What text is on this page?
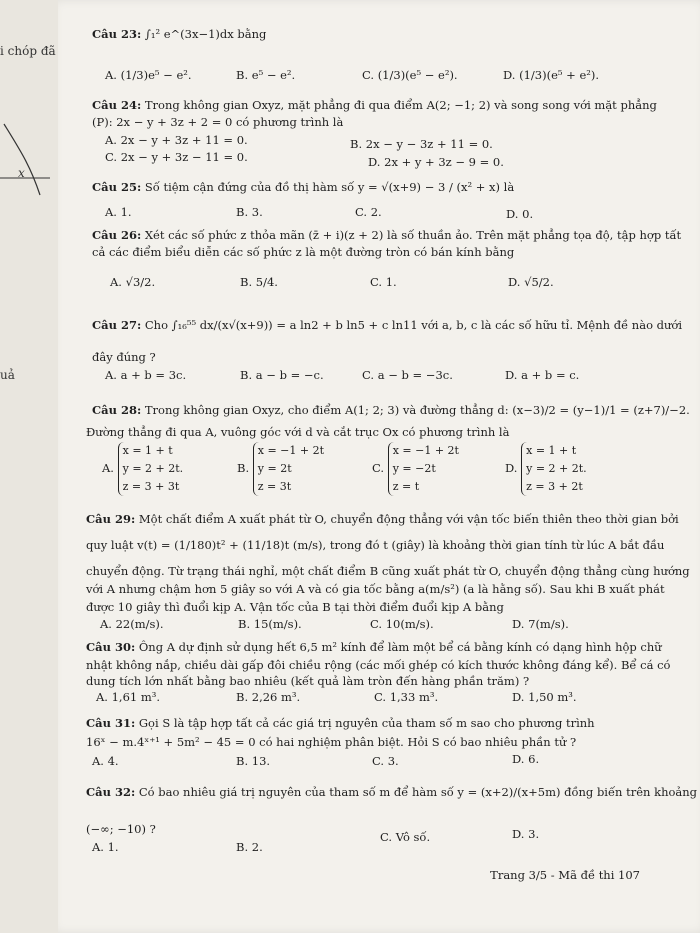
i chóp đã
x
uả
Câu 23: ∫₁² e^(3x−1)dx bằng
A. (1/3)e⁵ − e².	B. e⁵ − e².	C. (1/3)(e⁵ − e²).	D. (1/3)(e⁵ + e²).
Câu 24: Trong không gian Oxyz, mặt phẳng đi qua điểm A(2; −1; 2) và song song với mặt phẳng
(P): 2x − y + 3z + 2 = 0 có phương trình là
A. 2x − y + 3z + 11 = 0.	B. 2x − y − 3z + 11 = 0.
C. 2x − y + 3z − 11 = 0.	D. 2x + y + 3z − 9 = 0.
Câu 25: Số tiệm cận đứng của đồ thị hàm số y = √(x+9) − 3 / (x² + x) là
A. 1.	B. 3.	C. 2.	D. 0.
Câu 26: Xét các số phức z thỏa mãn (z̄ + i)(z + 2) là số thuần ảo. Trên mặt phẳng tọa độ, tập hợp tất
cả các điểm biểu diễn các số phức z là một đường tròn có bán kính bằng
A. √3/2.	B. 5/4.	C. 1.	D. √5/2.
Câu 27: Cho ∫₁₆⁵⁵ dx/(x√(x+9)) = a ln2 + b ln5 + c ln11 với a, b, c là các số hữu tỉ. Mệnh đề nào dưới
đây đúng ?
A. a + b = 3c.	B. a − b = −c.	C. a − b = −3c.	D. a + b = c.
Câu 28: Trong không gian Oxyz, cho điểm A(1; 2; 3) và đường thẳng d: (x−3)/2 = (y−1)/1 = (z+7)/−2.
Đường thẳng đi qua A, vuông góc với d và cắt trục Ox có phương trình là
A.
x = 1 + t
y = 2 + 2t.
z = 3 + 3t
B.
x = −1 + 2t
y = 2t
z = 3t
C.
x = −1 + 2t
y = −2t
z = t
D.
x = 1 + t
y = 2 + 2t.
z = 3 + 2t
Câu 29: Một chất điểm A xuất phát từ O, chuyển động thẳng với vận tốc biến thiên theo thời gian bởi
quy luật v(t) = (1/180)t² + (11/18)t (m/s), trong đó t (giây) là khoảng thời gian tính từ lúc A bắt đầu
chuyển động. Từ trạng thái nghỉ, một chất điểm B cũng xuất phát từ O, chuyển động thẳng cùng hướng
với A nhưng chậm hơn 5 giây so với A và có gia tốc bằng a(m/s²) (a là hằng số). Sau khi B xuất phát
được 10 giây thì đuổi kịp A. Vận tốc của B tại thời điểm đuổi kịp A bằng
A. 22(m/s).	B. 15(m/s).	C. 10(m/s).	D. 7(m/s).
Câu 30: Ông A dự định sử dụng hết 6,5 m² kính để làm một bể cá bằng kính có dạng hình hộp chữ
nhật không nắp, chiều dài gấp đôi chiều rộng (các mối ghép có kích thước không đáng kể). Bể cá có
dung tích lớn nhất bằng bao nhiêu (kết quả làm tròn đến hàng phần trăm) ?
A. 1,61 m³.	B. 2,26 m³.	C. 1,33 m³.	D. 1,50 m³.
Câu 31: Gọi S là tập hợp tất cả các giá trị nguyên của tham số m sao cho phương trình
16ˣ − m.4ˣ⁺¹ + 5m² − 45 = 0 có hai nghiệm phân biệt. Hỏi S có bao nhiêu phần tử ?
A. 4.	B. 13.	C. 3.	D. 6.
Câu 32: Có bao nhiêu giá trị nguyên của tham số m để hàm số y = (x+2)/(x+5m) đồng biến trên khoảng
(−∞; −10) ?
A. 1.	B. 2.
C. Vô số.	D. 3.
Trang 3/5 - Mã đề thi 107
